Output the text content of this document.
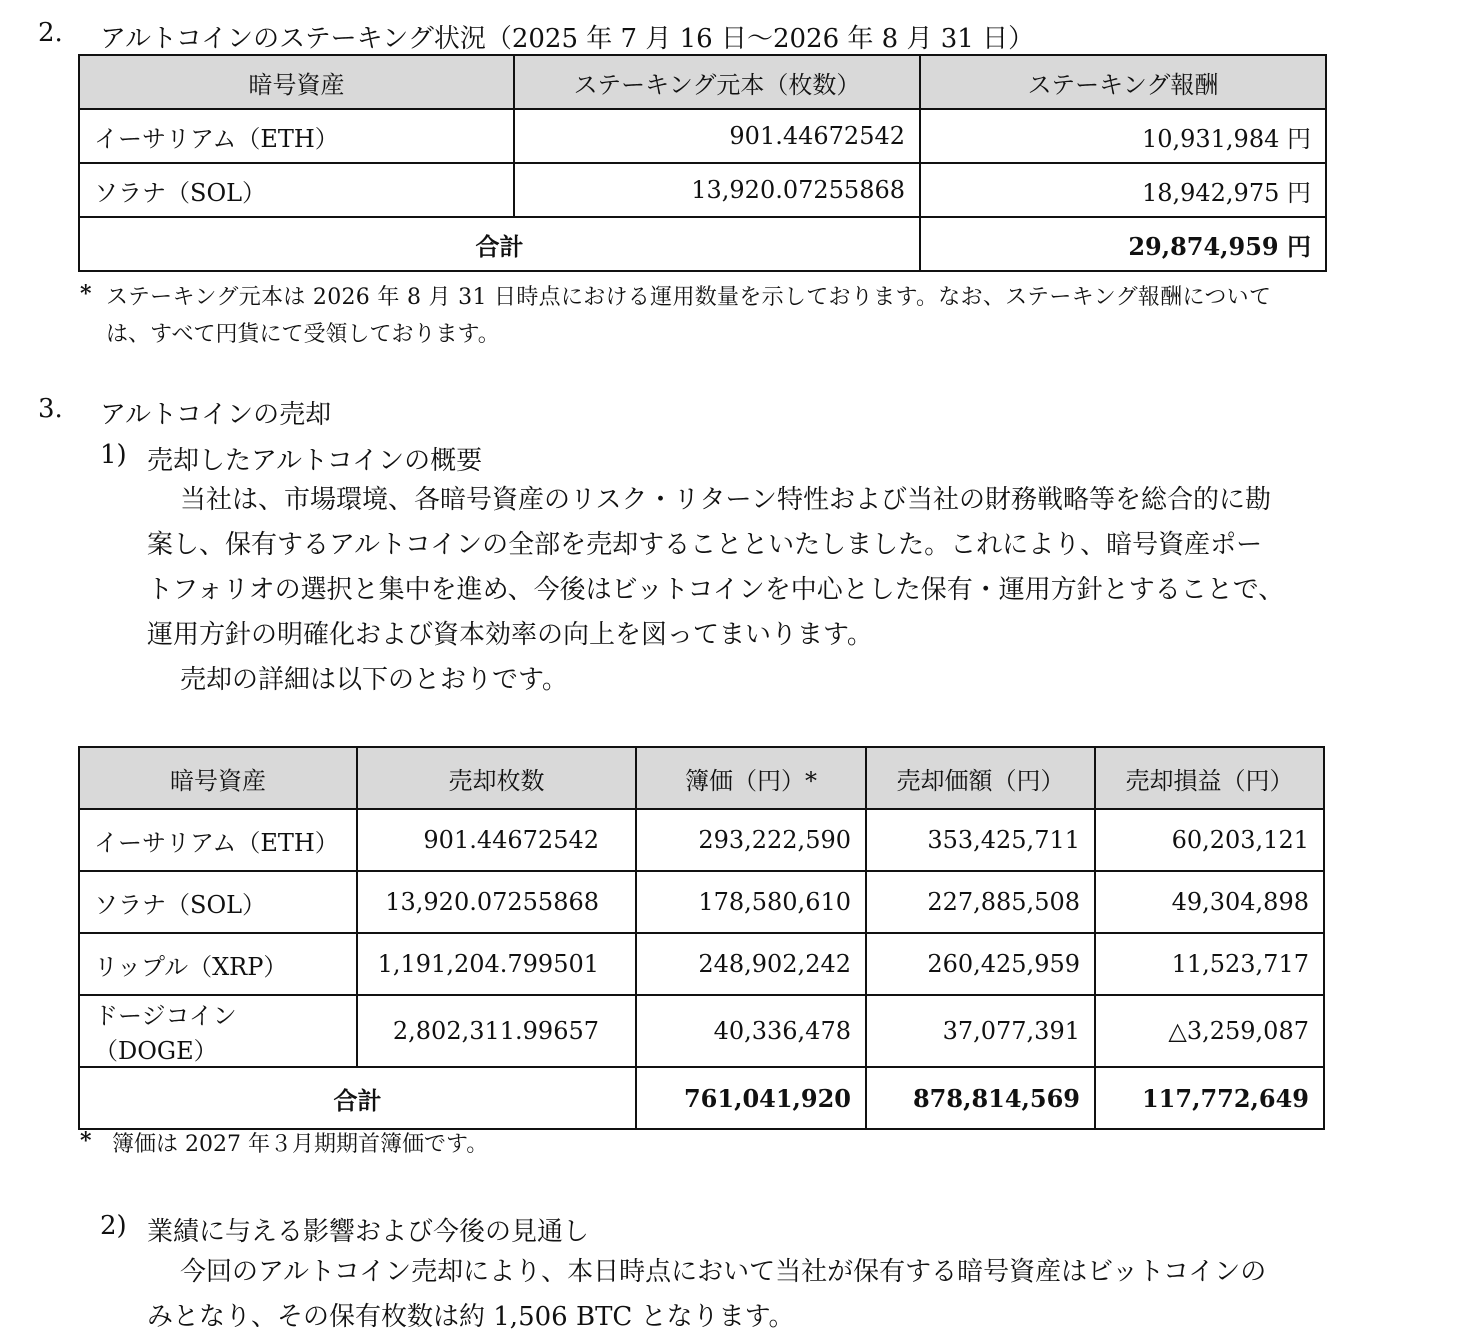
2. アルトコインのステーキング状況（2025 年 7 月 16 日～2026 年 8 月 31 日）
暗号資産	ステーキング元本（枚数）	ステーキング報酬
イーサリアム（ETH）	901.44672542	10,931,984 円
ソラナ（SOL）	13,920.07255868	18,942,975 円
合計		29,874,959 円
* ステーキング元本は 2026 年 8 月 31 日時点における運用数量を示しております。なお、ステーキング報酬について
は、すべて円貨にて受領しております。
3. アルトコインの売却
1) 売却したアルトコインの概要
当社は、市場環境、各暗号資産のリスク・リターン特性および当社の財務戦略等を総合的に勘
案し、保有するアルトコインの全部を売却することといたしました。これにより、暗号資産ポー
トフォリオの選択と集中を進め、今後はビットコインを中心とした保有・運用方針とすることで、
運用方針の明確化および資本効率の向上を図ってまいります。
売却の詳細は以下のとおりです。
暗号資産	売却枚数	簿価（円）*	売却価額（円）	売却損益（円）
イーサリアム（ETH）	901.44672542	293,222,590	353,425,711	60,203,121
ソラナ（SOL）	13,920.07255868	178,580,610	227,885,508	49,304,898
リップル（XRP）	1,191,204.799501	248,902,242	260,425,959	11,523,717
ドージコイン（DOGE）	2,802,311.99657	40,336,478	37,077,391	△3,259,087
合計		761,041,920	878,814,569	117,772,649
* 簿価は 2027 年３月期期首簿価です。
2) 業績に与える影響および今後の見通し
今回のアルトコイン売却により、本日時点において当社が保有する暗号資産はビットコインの
みとなり、その保有枚数は約 1,506 BTC となります。
